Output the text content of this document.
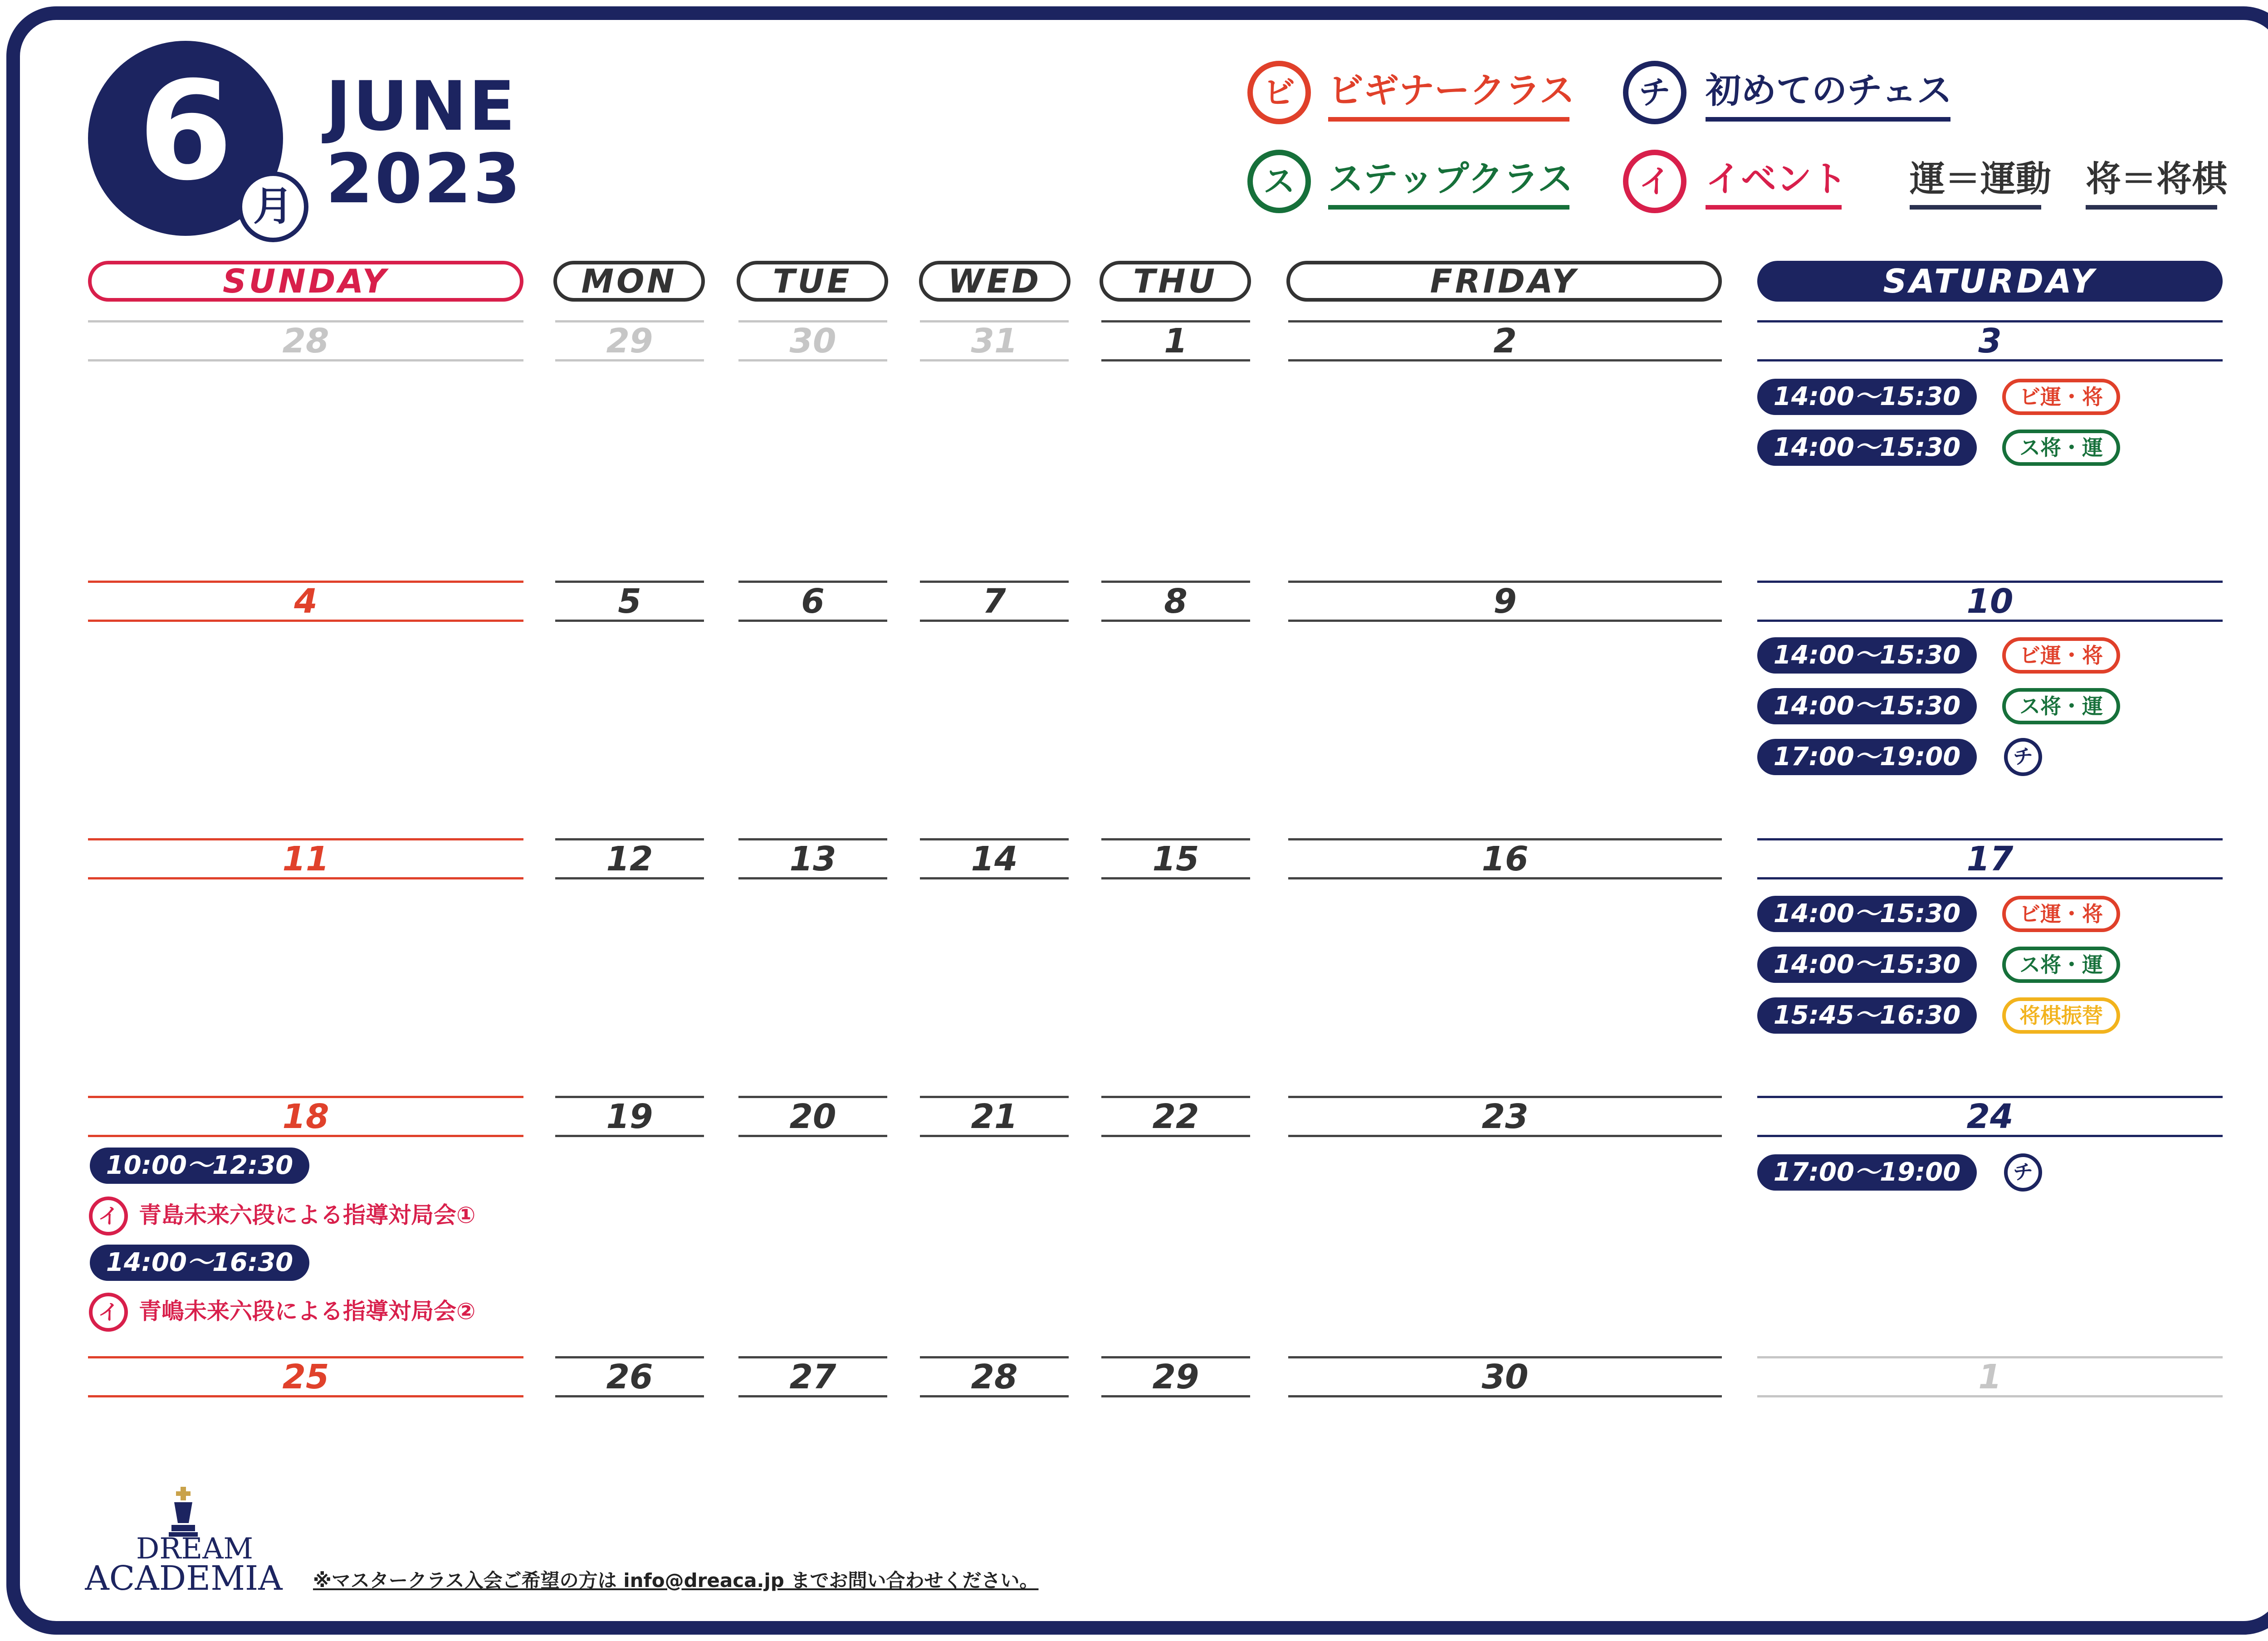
6 月
JUNE
2023
ビ ビギナークラス	チ 初めてのチェス
ス ステップクラス	イ イベント 運＝運動 将＝将棋
SUNDAY	MON	TUE	WED	THU	FRIDAY	SATURDAY
28	29	30	31	1	2	3
4	5	6	7	8	9	10
11	12	13	14	15	16	17
18	19	20	21	22	23	24
25	26	27	28	29	30	1
14:00〜15:30	ビ運・将
14:00〜15:30	ス将・運
14:00〜15:30	ビ運・将
14:00〜15:30	ス将・運
17:00〜19:00	チ
14:00〜15:30	ビ運・将
14:00〜15:30	ス将・運
15:45〜16:30	将棋振替
17:00〜19:00	チ
10:00〜12:30
イ 青島未来六段による指導対局会①
14:00〜16:30
イ 青嶋未来六段による指導対局会②
DREAM
ACADEMIA ※マスタークラス入会ご希望の方は info@dreaca.jp までお問い合わせください。
